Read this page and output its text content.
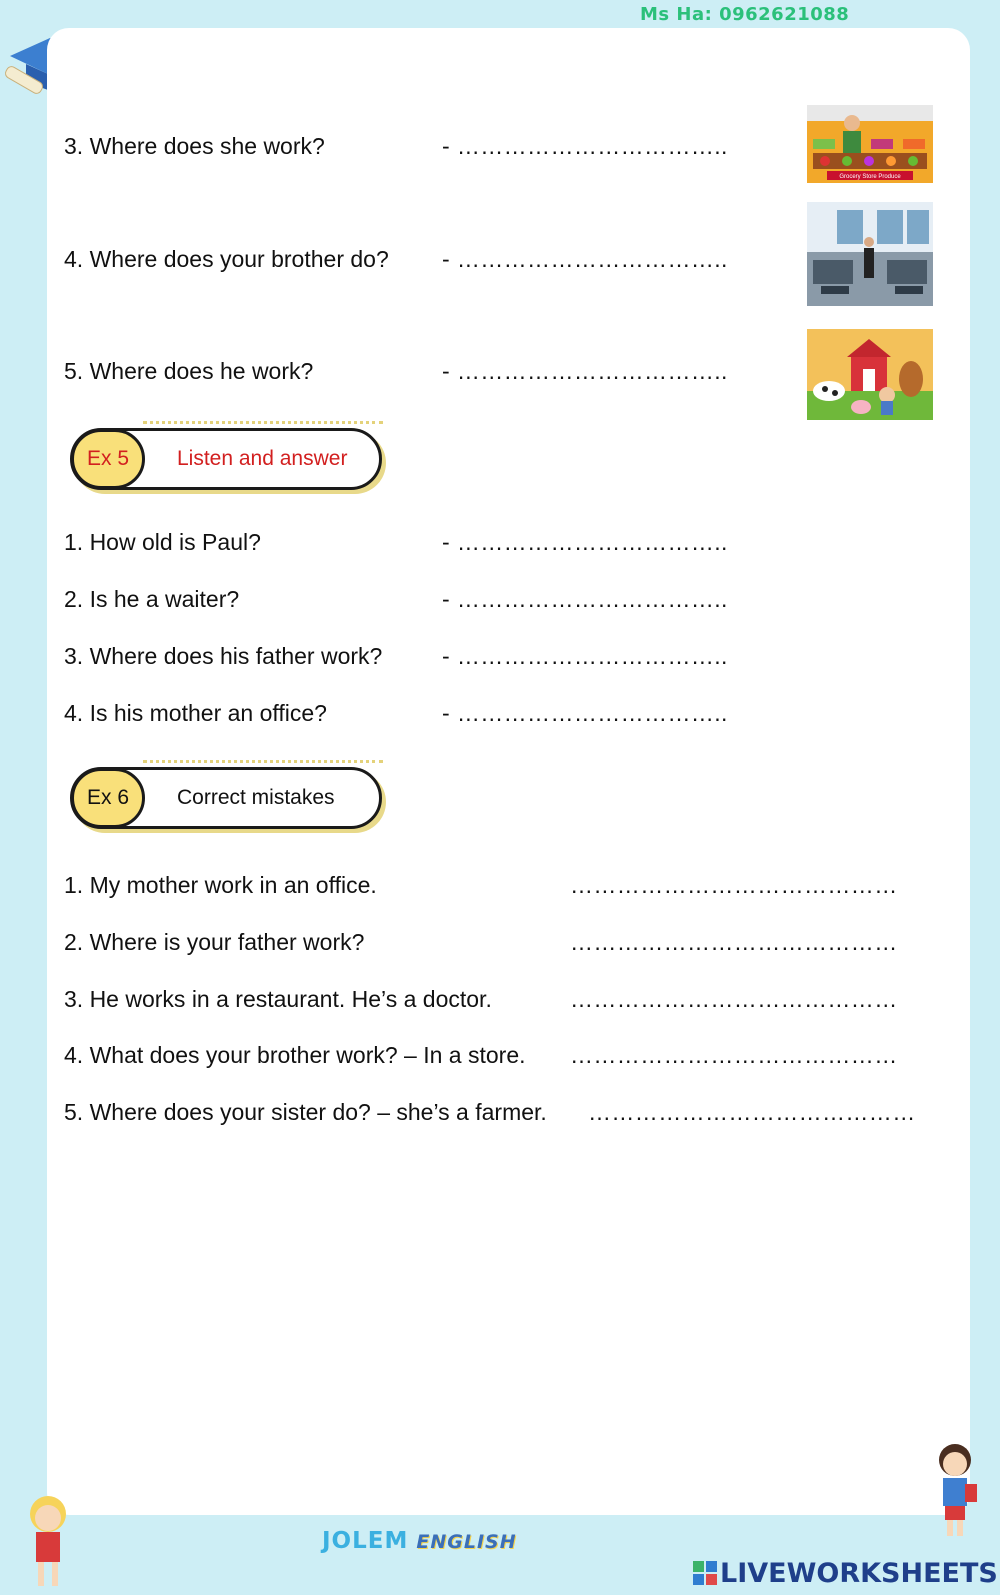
Ms Ha: 0962621088
3. Where does she work?	- ……………………………..
4. Where does your brother do? - ……………………………..
5. Where does he work?	- ……………………………..
Grocery Store Produce
Ex 5	Listen and answer
1. How old is Paul?	- ……………………………..
2. Is he a waiter?	- ……………………………..
3. Where does his father work?	- ……………………………..
4. Is his mother an office?	- ……………………………..
Ex 6	Correct mistakes
1. My mother work in an office.	……………………………………
2. Where is your father work?	……………………………………
3. He works in a restaurant. He’s a doctor.	……………………………………
4. What does your brother work? – In a store. ……………………………………
5. Where does your sister do? – she’s a farmer. ……………………………………
JOLEM ENGLISH
LIVEWORKSHEETS
